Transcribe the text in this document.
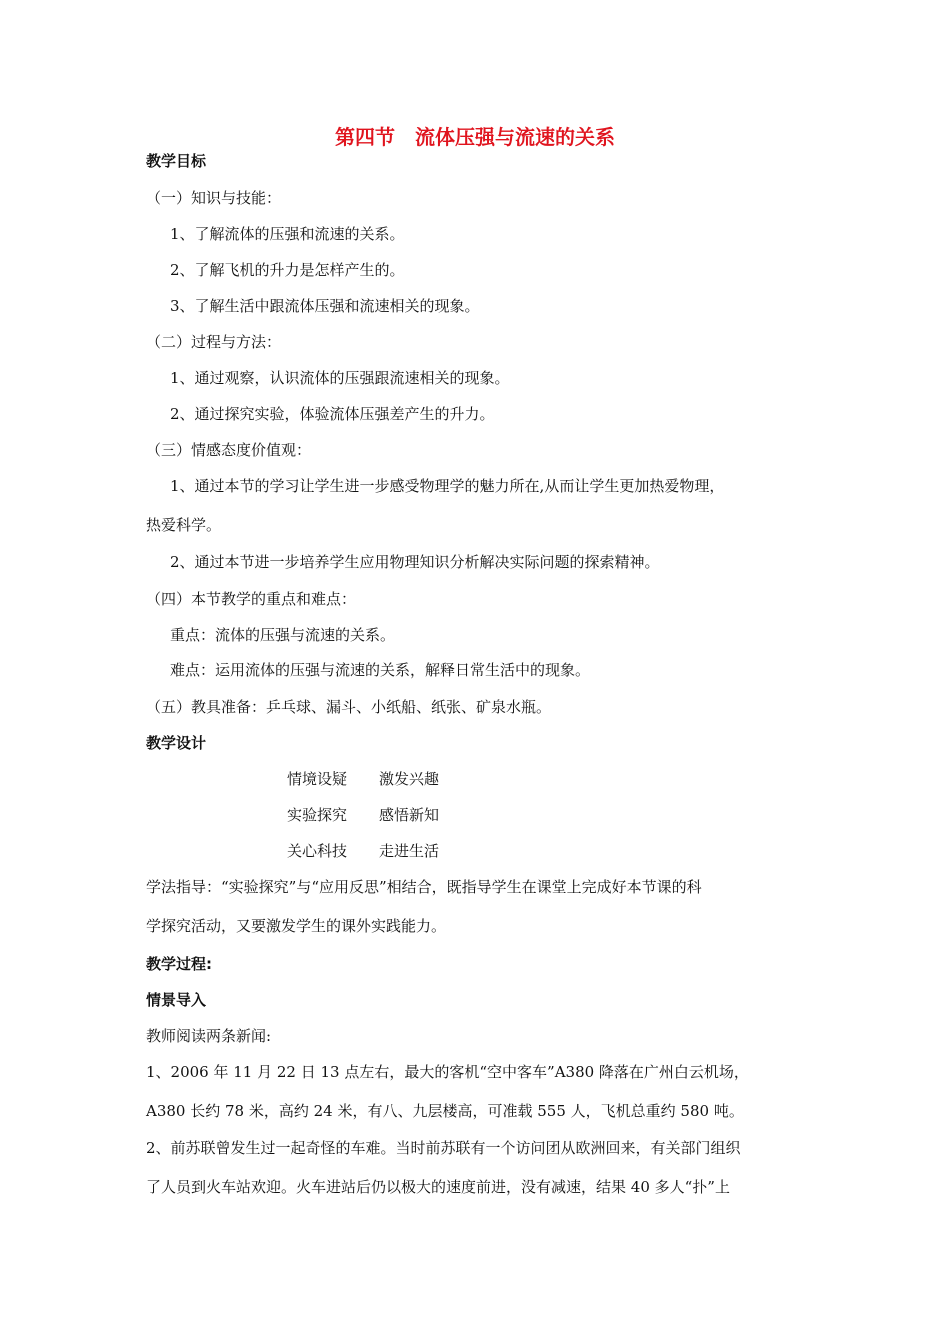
第四节　流体压强与流速的关系
教学目标
（一）知识与技能：
1、了解流体的压强和流速的关系。
2、了解飞机的升力是怎样产生的。
3、了解生活中跟流体压强和流速相关的现象。
（二）过程与方法：
1、通过观察，认识流体的压强跟流速相关的现象。
2、通过探究实验，体验流体压强差产生的升力。
（三）情感态度价值观：
1、通过本节的学习让学生进一步感受物理学的魅力所在,从而让学生更加热爱物理，
热爱科学。
2、通过本节进一步培养学生应用物理知识分析解决实际问题的探索精神。
（四）本节教学的重点和难点：
重点：流体的压强与流速的关系。
难点：运用流体的压强与流速的关系，解释日常生活中的现象。
（五）教具准备：乒乓球、漏斗、小纸船、纸张、矿泉水瓶。
教学设计
情境设疑 激发兴趣
实验探究 感悟新知
关心科技 走进生活
学法指导：“实验探究”与“应用反思”相结合，既指导学生在课堂上完成好本节课的科
学探究活动，又要激发学生的课外实践能力。
教学过程:
情景导入
教师阅读两条新闻:
1、2006 年 11 月 22 日 13 点左右，最大的客机“空中客车”A380 降落在广州白云机场，
A380 长约 78 米，高约 24 米，有八、九层楼高，可准载 555 人，飞机总重约 580 吨。
2、前苏联曾发生过一起奇怪的车难。当时前苏联有一个访问团从欧洲回来，有关部门组织
了人员到火车站欢迎。火车进站后仍以极大的速度前进，没有减速，结果 40 多人“扑”上
